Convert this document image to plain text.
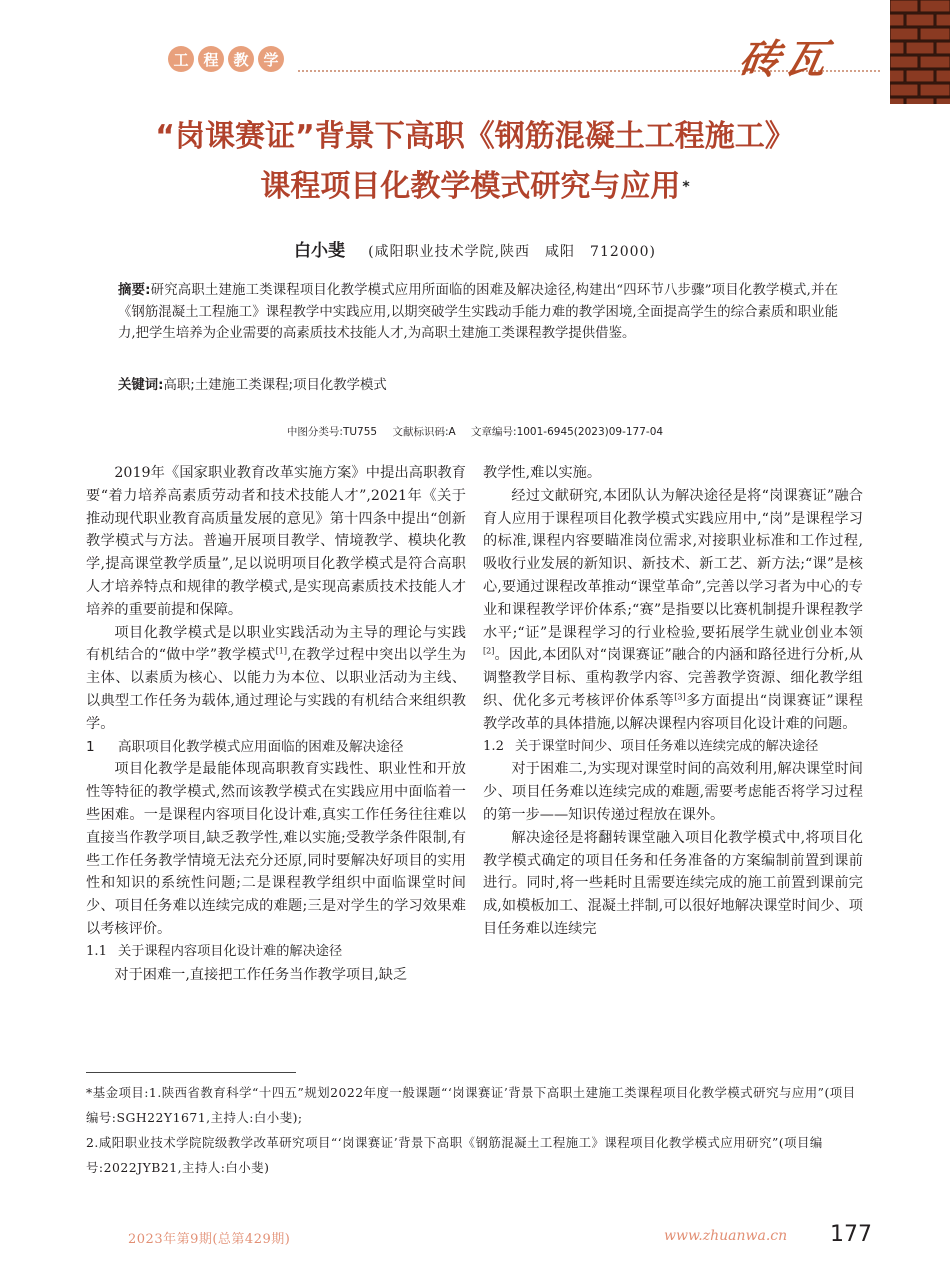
工 程 教 学	砖瓦
“岗课赛证”背景下高职《钢筋混凝土工程施工》
课程项目化教学模式研究与应用 *
白小斐 (咸阳职业技术学院,陕西　咸阳　712000)
摘要:研究高职土建施工类课程项目化教学模式应用所面临的困难及解决途径,构建出“四环节八步骤”项目化教学模式,并在《钢筋混凝土工程施工》课程教学中实践应用,以期突破学生实践动手能力难的教学困境,全面提高学生的综合素质和职业能力,把学生培养为企业需要的高素质技术技能人才,为高职土建施工类课程教学提供借鉴。
关键词:高职;土建施工类课程;项目化教学模式
中图分类号:TU755 文献标识码:A 文章编号:1001-6945(2023)09-177-04

2019年《国家职业教育改革实施方案》中提出高职教育要“着力培养高素质劳动者和技术技能人才”,2021年《关于推动现代职业教育高质量发展的意见》第十四条中提出“创新教学模式与方法。普遍开展项目教学、情境教学、模块化教学,提高课堂教学质量”,足以说明项目化教学模式是符合高职人才培养特点和规律的教学模式,是实现高素质技术技能人才培养的重要前提和保障。

项目化教学模式是以职业实践活动为主导的理论与实践有机结合的“做中学”教学模式[1],在教学过程中突出以学生为主体、以素质为核心、以能力为本位、以职业活动为主线、以典型工作任务为载体,通过理论与实践的有机结合来组织教学。

1 高职项目化教学模式应用面临的困难及解决途径

项目化教学是最能体现高职教育实践性、职业性和开放性等特征的教学模式,然而该教学模式在实践应用中面临着一些困难。一是课程内容项目化设计难,真实工作任务往往难以直接当作教学项目,缺乏教学性,难以实施;受教学条件限制,有些工作任务教学情境无法充分还原,同时要解决好项目的实用性和知识的系统性问题;二是课程教学组织中面临课堂时间少、项目任务难以连续完成的难题;三是对学生的学习效果难以考核评价。

1.1 关于课程内容项目化设计难的解决途径

对于困难一,直接把工作任务当作教学项目,缺乏

教学性,难以实施。

经过文献研究,本团队认为解决途径是将“岗课赛证”融合育人应用于课程项目化教学模式实践应用中,“岗”是课程学习的标准,课程内容要瞄准岗位需求,对接职业标准和工作过程,吸收行业发展的新知识、新技术、新工艺、新方法;“课”是核心,要通过课程改革推动“课堂革命”,完善以学习者为中心的专业和课程教学评价体系;“赛”是指要以比赛机制提升课程教学水平;“证”是课程学习的行业检验,要拓展学生就业创业本领[2]。因此,本团队对“岗课赛证”融合的内涵和路径进行分析,从调整教学目标、重构教学内容、完善教学资源、细化教学组织、优化多元考核评价体系等[3]多方面提出“岗课赛证”课程教学改革的具体措施,以解决课程内容项目化设计难的问题。

1.2 关于课堂时间少、项目任务难以连续完成的解决途径

对于困难二,为实现对课堂时间的高效利用,解决课堂时间少、项目任务难以连续完成的难题,需要考虑能否将学习过程的第一步——知识传递过程放在课外。

解决途径是将翻转课堂融入项目化教学模式中,将项目化教学模式确定的项目任务和任务准备的方案编制前置到课前进行。同时,将一些耗时且需要连续完成的施工前置到课前完成,如模板加工、混凝土拌制,可以很好地解决课堂时间少、项目任务难以连续完

*基金项目:1.陕西省教育科学“十四五”规划2022年度一般课题“‘岗课赛证’背景下高职土建施工类课程项目化教学模式研究与应用”(项目编号:SGH22Y1671,主持人:白小斐);

2.咸阳职业技术学院院级教学改革研究项目“‘岗课赛证’背景下高职《钢筋混凝土工程施工》课程项目化教学模式应用研究”(项目编号:2022JYB21,主持人:白小斐)

2023年第9期(总第429期)	www.zhuanwa.cn 177
